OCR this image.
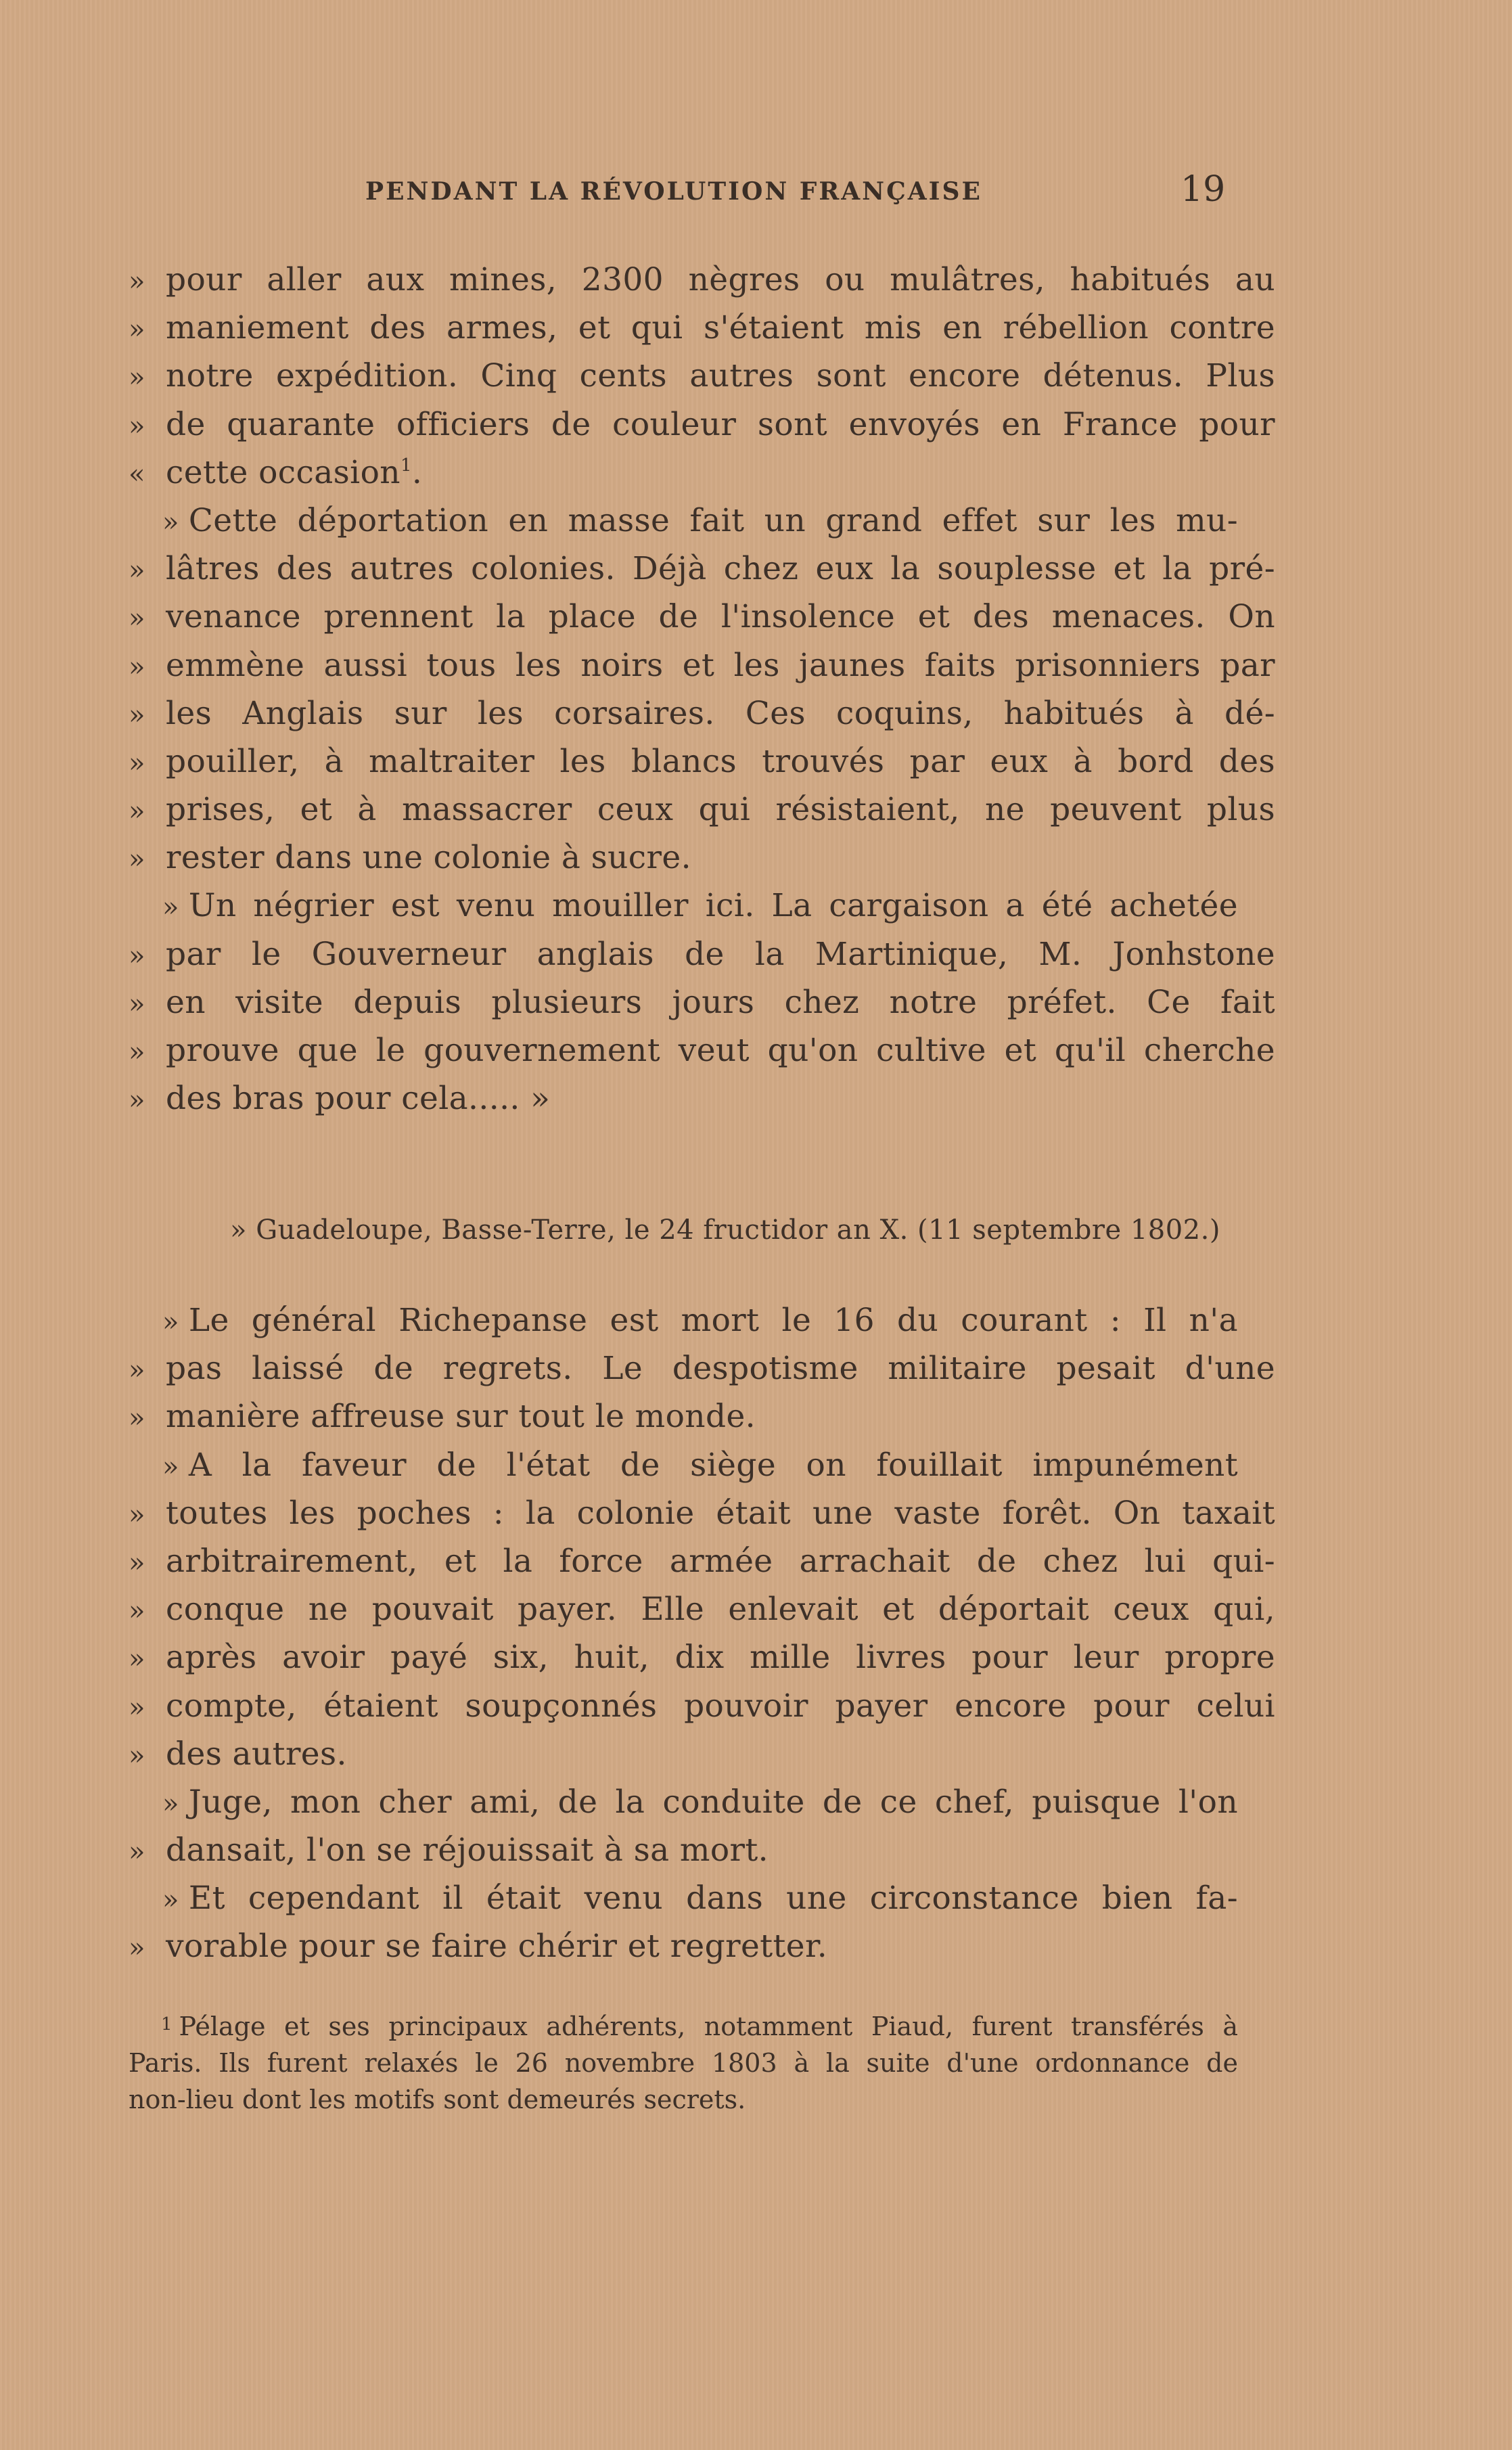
PENDANT LA RÉVOLUTION FRANÇAISE	19
» pour aller aux mines, 2300 nègres ou mulâtres, habitués au
» maniement des armes, et qui s'étaient mis en rébellion contre
» notre expédition. Cinq cents autres sont encore détenus. Plus
» de quarante officiers de couleur sont envoyés en France pour
« cette occasion$^1$.
» Cette déportation en masse fait un grand effet sur les mu-
» lâtres des autres colonies. Déjà chez eux la souplesse et la pré-
» venance prennent la place de l'insolence et des menaces. On
» emmène aussi tous les noirs et les jaunes faits prisonniers par
» les Anglais sur les corsaires. Ces coquins, habitués à dé-
» pouiller, à maltraiter les blancs trouvés par eux à bord des
» prises, et à massacrer ceux qui résistaient, ne peuvent plus
» rester dans une colonie à sucre.
» Un négrier est venu mouiller ici. La cargaison a été achetée
» par le Gouverneur anglais de la Martinique, M. Jonhstone
» en visite depuis plusieurs jours chez notre préfet. Ce fait
» prouve que le gouvernement veut qu'on cultive et qu'il cherche
» des bras pour cela..... »
» Guadeloupe, Basse-Terre, le 24 fructidor an X. (11 septembre 1802.)
» Le général Richepanse est mort le 16 du courant : Il n'a
» pas laissé de regrets. Le despotisme militaire pesait d'une
» manière affreuse sur tout le monde.
» A la faveur de l'état de siège on fouillait impunément
» toutes les poches : la colonie était une vaste forêt. On taxait
» arbitrairement, et la force armée arrachait de chez lui qui-
» conque ne pouvait payer. Elle enlevait et déportait ceux qui,
» après avoir payé six, huit, dix mille livres pour leur propre
» compte, étaient soupçonnés pouvoir payer encore pour celui
» des autres.
» Juge, mon cher ami, de la conduite de ce chef, puisque l'on
» dansait, l'on se réjouissait à sa mort.
» Et cependant il était venu dans une circonstance bien fa-
» vorable pour se faire chérir et regretter.
$^1$ Pélage et ses principaux adhérents, notamment Piaud, furent transférés à
Paris. Ils furent relaxés le 26 novembre 1803 à la suite d'une ordonnance de
non-lieu dont les motifs sont demeurés secrets.
